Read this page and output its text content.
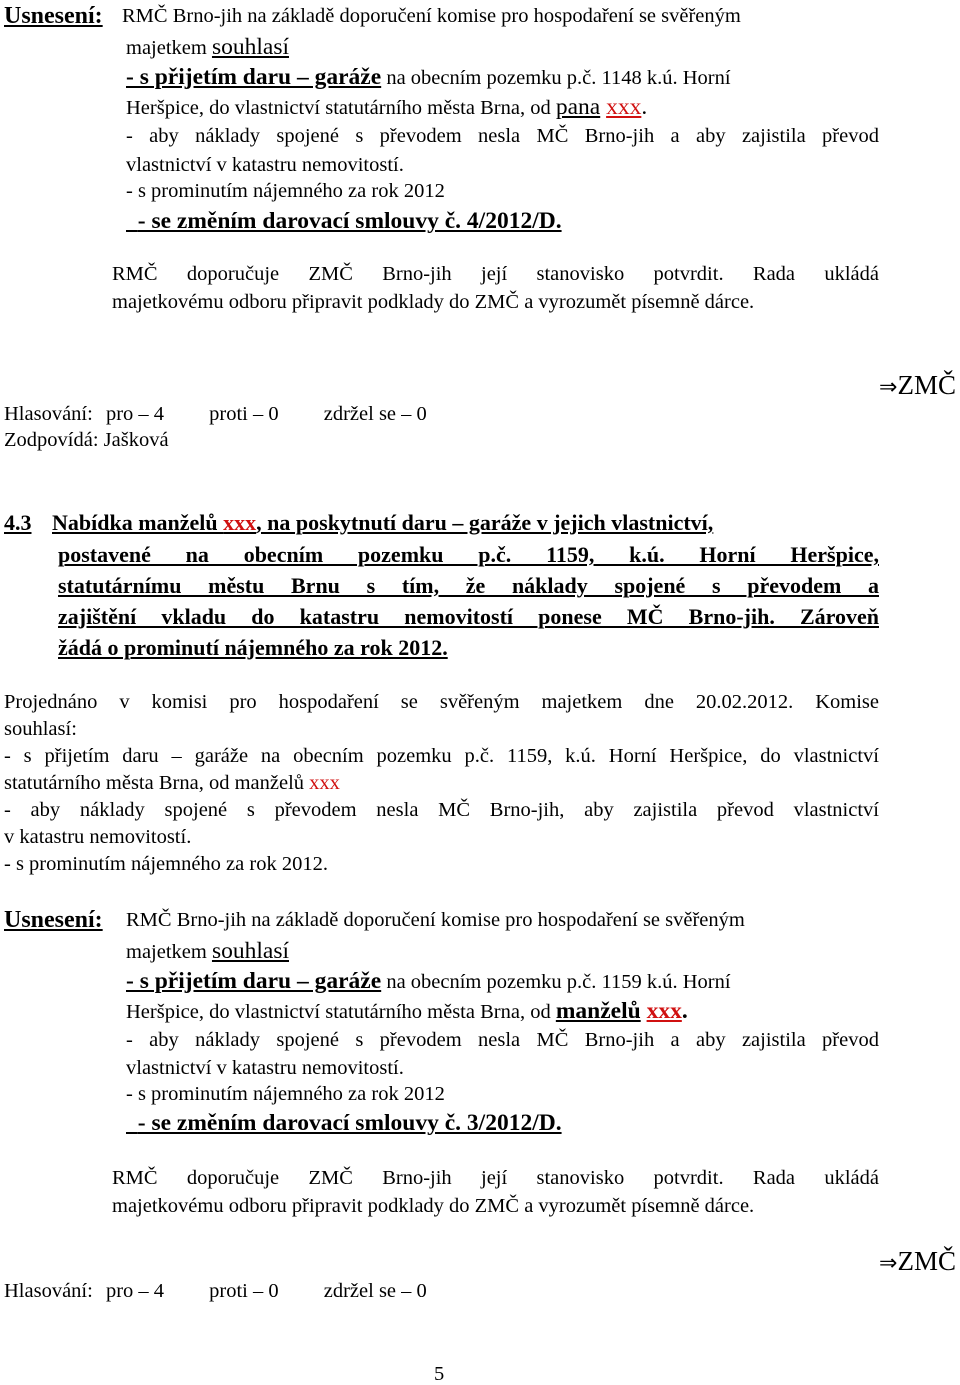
Usnesení: RMČ Brno-jih na základě doporučení komise pro hospodaření se svěřeným
majetkem souhlasí
- s přijetím daru – garáže na obecním pozemku p.č. 1148 k.ú. Horní
Heršpice, do vlastnictví statutárního města Brna, od pana xxx.
- aby náklady spojené s převodem nesla MČ Brno-jih a aby zajistila převod
vlastnictví v katastru nemovitostí.
- s prominutím nájemného za rok 2012
- se změním darovací smlouvy č. 4/2012/D.
RMČ doporučuje ZMČ Brno-jih její stanovisko potvrdit. Rada ukládá
majetkovému odboru připravit podklady do ZMČ a vyrozumět písemně dárce.
⇒ZMČ
Hlasování: pro – 4 proti – 0 zdržel se – 0
Zodpovídá: Jašková
4.3 Nabídka manželů xxx, na poskytnutí daru – garáže v jejich vlastnictví,
postavené na obecním pozemku p.č. 1159, k.ú. Horní Heršpice,
statutárnímu městu Brnu s tím, že náklady spojené s převodem a
zajištění vkladu do katastru nemovitostí ponese MČ Brno-jih. Zároveň
žádá o prominutí nájemného za rok 2012.
Projednáno v komisi pro hospodaření se svěřeným majetkem dne 20.02.2012. Komise
souhlasí:
- s přijetím daru – garáže na obecním pozemku p.č. 1159, k.ú. Horní Heršpice, do vlastnictví
statutárního města Brna, od manželů xxx
- aby náklady spojené s převodem nesla MČ Brno-jih, aby zajistila převod vlastnictví
v katastru nemovitostí.
- s prominutím nájemného za rok 2012.
Usnesení: RMČ Brno-jih na základě doporučení komise pro hospodaření se svěřeným
majetkem souhlasí
- s přijetím daru – garáže na obecním pozemku p.č. 1159 k.ú. Horní
Heršpice, do vlastnictví statutárního města Brna, od manželů xxx.
- aby náklady spojené s převodem nesla MČ Brno-jih a aby zajistila převod
vlastnictví v katastru nemovitostí.
- s prominutím nájemného za rok 2012
- se změním darovací smlouvy č. 3/2012/D.
RMČ doporučuje ZMČ Brno-jih její stanovisko potvrdit. Rada ukládá
majetkovému odboru připravit podklady do ZMČ a vyrozumět písemně dárce.
⇒ZMČ
Hlasování: pro – 4 proti – 0 zdržel se – 0
5
